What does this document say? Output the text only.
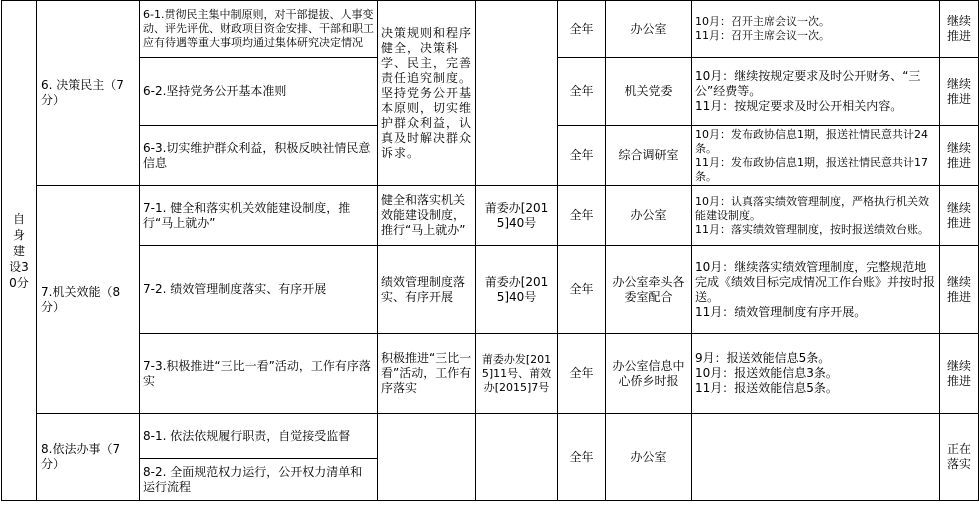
自身建设30分	6. 决策民主（7分）	6-1.贯彻民主集中制原则，对干部提拔、人事变动、评先评优、财政项目资金安排、干部和职工应有待遇等重大事项均通过集体研究决定情况	决策规则和程序健全，决策科学、民主，完善责任追究制度。坚持党务公开基本原则，切实维护群众利益，认真及时解决群众诉求。		全年	办公室	10月：召开主席会议一次。
11月：召开主席会议一次。	继续推进
		6-2.坚持党务公开基本准则			全年	机关党委	10月：继续按规定要求及时公开财务、“三公”经费等。
11月：按规定要求及时公开相关内容。	继续推进
		6-3.切实维护群众利益，积极反映社情民意信息			全年	综合调研室	10月：发布政协信息1期，报送社情民意共计24条。
11月：发布政协信息1期，报送社情民意共计17条。	继续推进
	7.机关效能（8分）	7-1. 健全和落实机关效能建设制度，推行“马上就办”	健全和落实机关效能建设制度，推行“马上就办”	莆委办[2015]40号	全年	办公室	10月：认真落实绩效管理制度，严格执行机关效能建设制度。
11月：落实绩效管理制度，按时报送绩效台账。	继续推进
		7-2. 绩效管理制度落实、有序开展	绩效管理制度落实、有序开展	莆委办[2015]40号	全年	办公室牵头各委室配合	10月：继续落实绩效管理制度，完整规范地完成《绩效目标完成情况工作台账》并按时报送。
11月：绩效管理制度有序开展。	继续推进
		7-3.积极推进“三比一看”活动，工作有序落实	积极推进“三比一看”活动，工作有序落实	莆委办发[2015]11号、莆效办[2015]7号	全年	办公室信息中心侨乡时报	9月：报送效能信息5条。
10月：报送效能信息3条。
11月：报送效能信息5条。	继续推进
	8.依法办事（7分）	8-1. 依法依规履行职责，自觉接受监督			全年	办公室		正在落实
		8-2. 全面规范权力运行，公开权力清单和运行流程						
